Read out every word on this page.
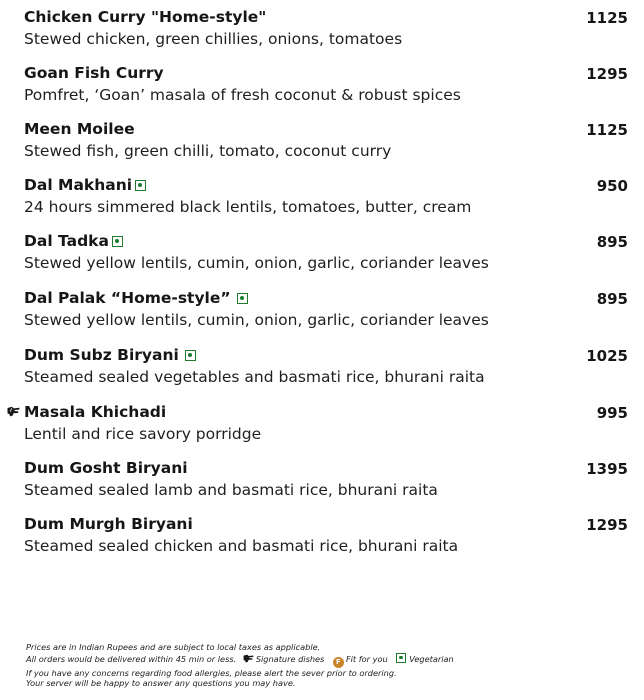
Chicken Curry "Home-style"	1125
Stewed chicken, green chillies, onions, tomatoes
Goan Fish Curry	1295
Pomfret, ‘Goan’ masala of fresh coconut & robust spices
Meen Moilee	1125
Stewed fish, green chilli, tomato, coconut curry
Dal Makhani	950
24 hours simmered black lentils, tomatoes, butter, cream
Dal Tadka	895
Stewed yellow lentils, cumin, onion, garlic, coriander leaves
Dal Palak “Home-style”	895
Stewed yellow lentils, cumin, onion, garlic, coriander leaves
Dum Subz Biryani	1025
Steamed sealed vegetables and basmati rice, bhurani raita
Masala Khichadi	995
Lentil and rice savory porridge
Dum Gosht Biryani	1395
Steamed sealed lamb and basmati rice, bhurani raita
Dum Murgh Biryani	1295
Steamed sealed chicken and basmati rice, bhurani raita
Prices are in Indian Rupees and are subject to local taxes as applicable.
All orders would be delivered within 45 min or less. Signature dishes F Fit for you	Vegetarian
If you have any concerns regarding food allergies, please alert the sever prior to ordering.
Your server will be happy to answer any questions you may have.
